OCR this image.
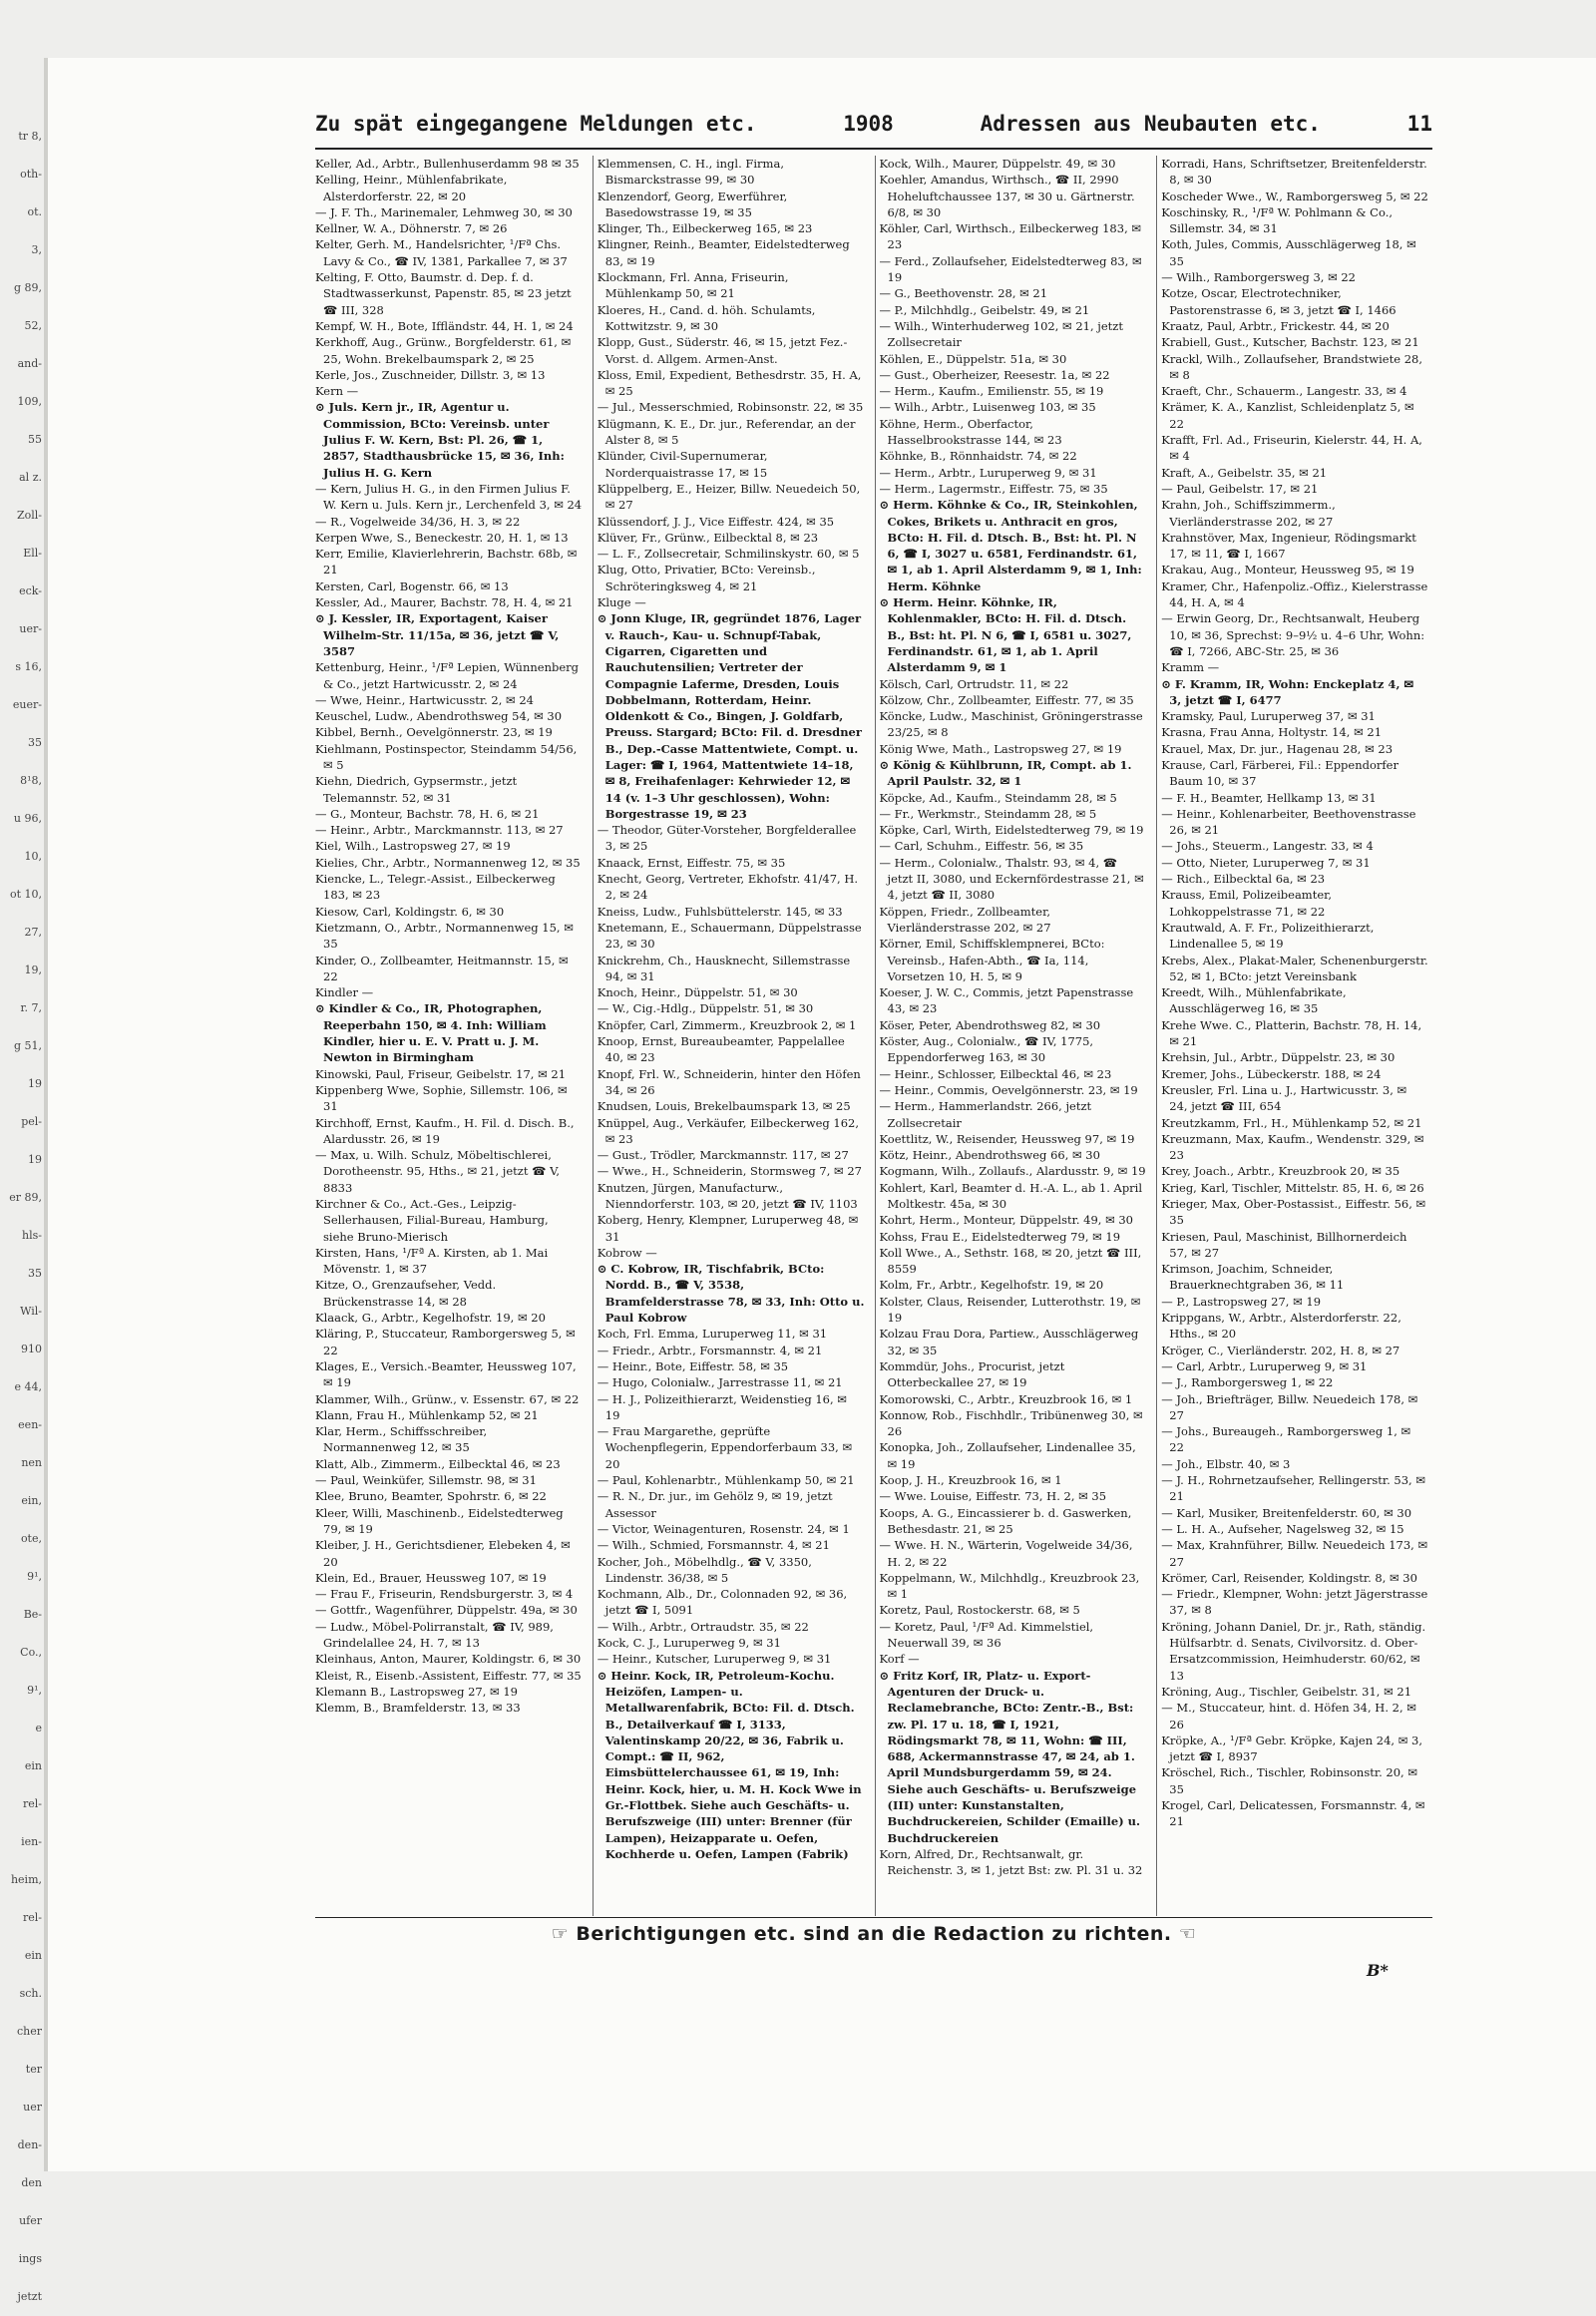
tr 8,
oth-
ot.
3,
g 89,
52,
and-
109,
55
al z.
Zoll-
Ell-
eck-
uer-
s 16,
euer-
35
8¹8,
u 96,
10,
ot 10,
27,
19,
r. 7,
g 51,
19
pel-
19
er 89,
hls-
35
Wil-
910
e 44,
een-
nen
ein,
ote,
9¹,
Be-
Co.,
9¹,
e
ein
rel-
ien-
heim,
rel-
ein
sch.
cher
ter
uer
den-
den
ufer
ings
jetzt
Zu spät eingegangene Meldungen etc.	1908	Adressen aus Neubauten etc.	11
Keller, Ad., Arbtr., Bullenhuserdamm 98 ✉ 35
Kelling, Heinr., Mühlenfabrikate, Alsterdorferstr. 22, ✉ 20
— J. F. Th., Marinemaler, Lehmweg 30, ✉ 30
Kellner, W. A., Döhnerstr. 7, ✉ 26
Kelter, Gerh. M., Handelsrichter, ¹/Fª Chs. Lavy & Co., ☎ IV, 1381, Parkallee 7, ✉ 37
Kelting, F. Otto, Baumstr. d. Dep. f. d. Stadtwasserkunst, Papenstr. 85, ✉ 23 jetzt ☎ III, 328
Kempf, W. H., Bote, Iffländstr. 44, H. 1, ✉ 24
Kerkhoff, Aug., Grünw., Borgfelderstr. 61, ✉ 25, Wohn. Brekelbaumspark 2, ✉ 25
Kerle, Jos., Zuschneider, Dillstr. 3, ✉ 13
Kern —
⊙ Juls. Kern jr., IR, Agentur u. Commission, BCto: Vereinsb. unter Julius F. W. Kern, Bst: Pl. 26, ☎ 1, 2857, Stadthausbrücke 15, ✉ 36, Inh: Julius H. G. Kern
— Kern, Julius H. G., in den Firmen Julius F. W. Kern u. Juls. Kern jr., Lerchenfeld 3, ✉ 24
— R., Vogelweide 34/36, H. 3, ✉ 22
Kerpen Wwe, S., Beneckestr. 20, H. 1, ✉ 13
Kerr, Emilie, Klavierlehrerin, Bachstr. 68b, ✉ 21
Kersten, Carl, Bogenstr. 66, ✉ 13
Kessler, Ad., Maurer, Bachstr. 78, H. 4, ✉ 21
⊙ J. Kessler, IR, Exportagent, Kaiser Wilhelm-Str. 11/15a, ✉ 36, jetzt ☎ V, 3587
Kettenburg, Heinr., ¹/Fª Lepien, Wünnenberg & Co., jetzt Hartwicusstr. 2, ✉ 24
— Wwe, Heinr., Hartwicusstr. 2, ✉ 24
Keuschel, Ludw., Abendrothsweg 54, ✉ 30
Kibbel, Bernh., Oevelgönnerstr. 23, ✉ 19
Kiehlmann, Postinspector, Steindamm 54/56, ✉ 5
Kiehn, Diedrich, Gypsermstr., jetzt Telemannstr. 52, ✉ 31
— G., Monteur, Bachstr. 78, H. 6, ✉ 21
— Heinr., Arbtr., Marckmannstr. 113, ✉ 27
Kiel, Wilh., Lastropsweg 27, ✉ 19
Kielies, Chr., Arbtr., Normannenweg 12, ✉ 35
Kiencke, L., Telegr.-Assist., Eilbeckerweg 183, ✉ 23
Kiesow, Carl, Koldingstr. 6, ✉ 30
Kietzmann, O., Arbtr., Normannenweg 15, ✉ 35
Kinder, O., Zollbeamter, Heitmannstr. 15, ✉ 22
Kindler —
⊙ Kindler & Co., IR, Photographen, Reeperbahn 150, ✉ 4. Inh: William Kindler, hier u. E. V. Pratt u. J. M. Newton in Birmingham
Kinowski, Paul, Friseur, Geibelstr. 17, ✉ 21
Kippenberg Wwe, Sophie, Sillemstr. 106, ✉ 31
Kirchhoff, Ernst, Kaufm., H. Fil. d. Disch. B., Alardusstr. 26, ✉ 19
— Max, u. Wilh. Schulz, Möbeltischlerei, Dorotheenstr. 95, Hths., ✉ 21, jetzt ☎ V, 8833
Kirchner & Co., Act.-Ges., Leipzig-Sellerhausen, Filial-Bureau, Hamburg, siehe Bruno-Mierisch
Kirsten, Hans, ¹/Fª A. Kirsten, ab 1. Mai Mövenstr. 1, ✉ 37
Kitze, O., Grenzaufseher, Vedd. Brückenstrasse 14, ✉ 28
Klaack, G., Arbtr., Kegelhofstr. 19, ✉ 20
Kläring, P., Stuccateur, Ramborgersweg 5, ✉ 22
Klages, E., Versich.-Beamter, Heussweg 107, ✉ 19
Klammer, Wilh., Grünw., v. Essenstr. 67, ✉ 22
Klann, Frau H., Mühlenkamp 52, ✉ 21
Klar, Herm., Schiffsschreiber, Normannenweg 12, ✉ 35
Klatt, Alb., Zimmerm., Eilbecktal 46, ✉ 23
— Paul, Weinküfer, Sillemstr. 98, ✉ 31
Klee, Bruno, Beamter, Spohrstr. 6, ✉ 22
Kleer, Willi, Maschinenb., Eidelstedterweg 79, ✉ 19
Kleiber, J. H., Gerichtsdiener, Elebeken 4, ✉ 20
Klein, Ed., Brauer, Heussweg 107, ✉ 19
— Frau F., Friseurin, Rendsburgerstr. 3, ✉ 4
— Gottfr., Wagenführer, Düppelstr. 49a, ✉ 30
— Ludw., Möbel-Polirranstalt, ☎ IV, 989, Grindelallee 24, H. 7, ✉ 13
Kleinhaus, Anton, Maurer, Koldingstr. 6, ✉ 30
Kleist, R., Eisenb.-Assistent, Eiffestr. 77, ✉ 35
Klemann B., Lastropsweg 27, ✉ 19
Klemm, B., Bramfelderstr. 13, ✉ 33
Klemmensen, C. H., ingl. Firma, Bismarckstrasse 99, ✉ 30
Klenzendorf, Georg, Ewerführer, Basedowstrasse 19, ✉ 35
Klinger, Th., Eilbeckerweg 165, ✉ 23
Klingner, Reinh., Beamter, Eidelstedterweg 83, ✉ 19
Klockmann, Frl. Anna, Friseurin, Mühlenkamp 50, ✉ 21
Kloeres, H., Cand. d. höh. Schulamts, Kottwitzstr. 9, ✉ 30
Klopp, Gust., Süderstr. 46, ✉ 15, jetzt Fez.-Vorst. d. Allgem. Armen-Anst.
Kloss, Emil, Expedient, Bethesdrstr. 35, H. A, ✉ 25
— Jul., Messerschmied, Robinsonstr. 22, ✉ 35
Klügmann, K. E., Dr. jur., Referendar, an der Alster 8, ✉ 5
Klünder, Civil-Supernumerar, Norderquaistrasse 17, ✉ 15
Klüppelberg, E., Heizer, Billw. Neuedeich 50, ✉ 27
Klüssendorf, J. J., Vice Eiffestr. 424, ✉ 35
Klüver, Fr., Grünw., Eilbecktal 8, ✉ 23
— L. F., Zollsecretair, Schmilinskystr. 60, ✉ 5
Klug, Otto, Privatier, BCto: Vereinsb., Schröteringksweg 4, ✉ 21
Kluge —
⊙ Jonn Kluge, IR, gegründet 1876, Lager v. Rauch-, Kau- u. Schnupf-Tabak, Cigarren, Cigaretten und Rauchutensilien; Vertreter der Compagnie Laferme, Dresden, Louis Dobbelmann, Rotterdam, Heinr. Oldenkott & Co., Bingen, J. Goldfarb, Preuss. Stargard; BCto: Fil. d. Dresdner B., Dep.-Casse Mattentwiete, Compt. u. Lager: ☎ I, 1964, Mattentwiete 14–18, ✉ 8, Freihafenlager: Kehrwieder 12, ✉ 14 (v. 1–3 Uhr geschlossen), Wohn: Borgestrasse 19, ✉ 23
— Theodor, Güter-Vorsteher, Borgfelderallee 3, ✉ 25
Knaack, Ernst, Eiffestr. 75, ✉ 35
Knecht, Georg, Vertreter, Ekhofstr. 41/47, H. 2, ✉ 24
Kneiss, Ludw., Fuhlsbüttelerstr. 145, ✉ 33
Knetemann, E., Schauermann, Düppelstrasse 23, ✉ 30
Knickrehm, Ch., Hausknecht, Sillemstrasse 94, ✉ 31
Knoch, Heinr., Düppelstr. 51, ✉ 30
— W., Cig.-Hdlg., Düppelstr. 51, ✉ 30
Knöpfer, Carl, Zimmerm., Kreuzbrook 2, ✉ 1
Knoop, Ernst, Bureaubeamter, Pappelallee 40, ✉ 23
Knopf, Frl. W., Schneiderin, hinter den Höfen 34, ✉ 26
Knudsen, Louis, Brekelbaumspark 13, ✉ 25
Knüppel, Aug., Verkäufer, Eilbeckerweg 162, ✉ 23
— Gust., Trödler, Marckmannstr. 117, ✉ 27
— Wwe., H., Schneiderin, Stormsweg 7, ✉ 27
Knutzen, Jürgen, Manufacturw., Nienndorferstr. 103, ✉ 20, jetzt ☎ IV, 1103
Koberg, Henry, Klempner, Luruperweg 48, ✉ 31
Kobrow —
⊙ C. Kobrow, IR, Tischfabrik, BCto: Nordd. B., ☎ V, 3538, Bramfelderstrasse 78, ✉ 33, Inh: Otto u. Paul Kobrow
Koch, Frl. Emma, Luruperweg 11, ✉ 31
— Friedr., Arbtr., Forsmannstr. 4, ✉ 21
— Heinr., Bote, Eiffestr. 58, ✉ 35
— Hugo, Colonialw., Jarrestrasse 11, ✉ 21
— H. J., Polizeithierarzt, Weidenstieg 16, ✉ 19
— Frau Margarethe, geprüfte Wochenpflegerin, Eppendorferbaum 33, ✉ 20
— Paul, Kohlenarbtr., Mühlenkamp 50, ✉ 21
— R. N., Dr. jur., im Gehölz 9, ✉ 19, jetzt Assessor
— Victor, Weinagenturen, Rosenstr. 24, ✉ 1
— Wilh., Schmied, Forsmannstr. 4, ✉ 21
Kocher, Joh., Möbelhdlg., ☎ V, 3350, Lindenstr. 36/38, ✉ 5
Kochmann, Alb., Dr., Colonnaden 92, ✉ 36, jetzt ☎ I, 5091
— Wilh., Arbtr., Ortraudstr. 35, ✉ 22
Kock, C. J., Luruperweg 9, ✉ 31
— Heinr., Kutscher, Luruperweg 9, ✉ 31
⊙ Heinr. Kock, IR, Petroleum-Kochu. Heizöfen, Lampen- u. Metallwarenfabrik, BCto: Fil. d. Dtsch. B., Detailverkauf ☎ I, 3133, Valentinskamp 20/22, ✉ 36, Fabrik u. Compt.: ☎ II, 962, Eimsbüttelerchaussee 61, ✉ 19, Inh: Heinr. Kock, hier, u. M. H. Kock Wwe in Gr.-Flottbek. Siehe auch Geschäfts- u. Berufszweige (III) unter: Brenner (für Lampen), Heizapparate u. Oefen, Kochherde u. Oefen, Lampen (Fabrik)
Kock, Wilh., Maurer, Düppelstr. 49, ✉ 30
Koehler, Amandus, Wirthsch., ☎ II, 2990 Hoheluftchaussee 137, ✉ 30 u. Gärtnerstr. 6/8, ✉ 30
Köhler, Carl, Wirthsch., Eilbeckerweg 183, ✉ 23
— Ferd., Zollaufseher, Eidelstedterweg 83, ✉ 19
— G., Beethovenstr. 28, ✉ 21
— P., Milchhdlg., Geibelstr. 49, ✉ 21
— Wilh., Winterhuderweg 102, ✉ 21, jetzt Zollsecretair
Köhlen, E., Düppelstr. 51a, ✉ 30
— Gust., Oberheizer, Reesestr. 1a, ✉ 22
— Herm., Kaufm., Emilienstr. 55, ✉ 19
— Wilh., Arbtr., Luisenweg 103, ✉ 35
Köhne, Herm., Oberfactor, Hasselbrookstrasse 144, ✉ 23
Köhnke, B., Rönnhaidstr. 74, ✉ 22
— Herm., Arbtr., Luruperweg 9, ✉ 31
— Herm., Lagermstr., Eiffestr. 75, ✉ 35
⊙ Herm. Köhnke & Co., IR, Steinkohlen, Cokes, Brikets u. Anthracit en gros, BCto: H. Fil. d. Dtsch. B., Bst: ht. Pl. N 6, ☎ I, 3027 u. 6581, Ferdinandstr. 61, ✉ 1, ab 1. April Alsterdamm 9, ✉ 1, Inh: Herm. Köhnke
⊙ Herm. Heinr. Köhnke, IR, Kohlenmakler, BCto: H. Fil. d. Dtsch. B., Bst: ht. Pl. N 6, ☎ I, 6581 u. 3027, Ferdinandstr. 61, ✉ 1, ab 1. April Alsterdamm 9, ✉ 1
Kölsch, Carl, Ortrudstr. 11, ✉ 22
Kölzow, Chr., Zollbeamter, Eiffestr. 77, ✉ 35
Köncke, Ludw., Maschinist, Gröningerstrasse 23/25, ✉ 8
König Wwe, Math., Lastropsweg 27, ✉ 19
⊙ König & Kühlbrunn, IR, Compt. ab 1. April Paulstr. 32, ✉ 1
Köpcke, Ad., Kaufm., Steindamm 28, ✉ 5
— Fr., Werkmstr., Steindamm 28, ✉ 5
Köpke, Carl, Wirth, Eidelstedterweg 79, ✉ 19
— Carl, Schuhm., Eiffestr. 56, ✉ 35
— Herm., Colonialw., Thalstr. 93, ✉ 4, ☎ jetzt II, 3080, und Eckernfördestrasse 21, ✉ 4, jetzt ☎ II, 3080
Köppen, Friedr., Zollbeamter, Vierländerstrasse 202, ✉ 27
Körner, Emil, Schiffsklempnerei, BCto: Vereinsb., Hafen-Abth., ☎ Ia, 114, Vorsetzen 10, H. 5, ✉ 9
Koeser, J. W. C., Commis, jetzt Papenstrasse 43, ✉ 23
Köser, Peter, Abendrothsweg 82, ✉ 30
Köster, Aug., Colonialw., ☎ IV, 1775, Eppendorferweg 163, ✉ 30
— Heinr., Schlosser, Eilbecktal 46, ✉ 23
— Heinr., Commis, Oevelgönnerstr. 23, ✉ 19
— Herm., Hammerlandstr. 266, jetzt Zollsecretair
Koettlitz, W., Reisender, Heussweg 97, ✉ 19
Kötz, Heinr., Abendrothsweg 66, ✉ 30
Kogmann, Wilh., Zollaufs., Alardusstr. 9, ✉ 19
Kohlert, Karl, Beamter d. H.-A. L., ab 1. April Moltkestr. 45a, ✉ 30
Kohrt, Herm., Monteur, Düppelstr. 49, ✉ 30
Kohss, Frau E., Eidelstedterweg 79, ✉ 19
Koll Wwe., A., Sethstr. 168, ✉ 20, jetzt ☎ III, 8559
Kolm, Fr., Arbtr., Kegelhofstr. 19, ✉ 20
Kolster, Claus, Reisender, Lutterothstr. 19, ✉ 19
Kolzau Frau Dora, Partiew., Ausschlägerweg 32, ✉ 35
Kommdür, Johs., Procurist, jetzt Otterbeckallee 27, ✉ 19
Komorowski, C., Arbtr., Kreuzbrook 16, ✉ 1
Konnow, Rob., Fischhdlr., Tribünenweg 30, ✉ 26
Konopka, Joh., Zollaufseher, Lindenallee 35, ✉ 19
Koop, J. H., Kreuzbrook 16, ✉ 1
— Wwe. Louise, Eiffestr. 73, H. 2, ✉ 35
Koops, A. G., Eincassierer b. d. Gaswerken, Bethesdastr. 21, ✉ 25
— Wwe. H. N., Wärterin, Vogelweide 34/36, H. 2, ✉ 22
Koppelmann, W., Milchhdlg., Kreuzbrook 23, ✉ 1
Koretz, Paul, Rostockerstr. 68, ✉ 5
— Koretz, Paul, ¹/Fª Ad. Kimmelstiel, Neuerwall 39, ✉ 36
Korf —
⊙ Fritz Korf, IR, Platz- u. Export-Agenturen der Druck- u. Reclamebranche, BCto: Zentr.-B., Bst: zw. Pl. 17 u. 18, ☎ I, 1921, Rödingsmarkt 78, ✉ 11, Wohn: ☎ III, 688, Ackermannstrasse 47, ✉ 24, ab 1. April Mundsburgerdamm 59, ✉ 24. Siehe auch Geschäfts- u. Berufszweige (III) unter: Kunstanstalten, Buchdruckereien, Schilder (Emaille) u. Buchdruckereien
Korn, Alfred, Dr., Rechtsanwalt, gr. Reichenstr. 3, ✉ 1, jetzt Bst: zw. Pl. 31 u. 32
Korradi, Hans, Schriftsetzer, Breitenfelderstr. 8, ✉ 30
Koscheder Wwe., W., Ramborgersweg 5, ✉ 22
Koschinsky, R., ¹/Fª W. Pohlmann & Co., Sillemstr. 34, ✉ 31
Koth, Jules, Commis, Ausschlägerweg 18, ✉ 35
— Wilh., Ramborgersweg 3, ✉ 22
Kotze, Oscar, Electrotechniker, Pastorenstrasse 6, ✉ 3, jetzt ☎ I, 1466
Kraatz, Paul, Arbtr., Frickestr. 44, ✉ 20
Krabiell, Gust., Kutscher, Bachstr. 123, ✉ 21
Krackl, Wilh., Zollaufseher, Brandstwiete 28, ✉ 8
Kraeft, Chr., Schauerm., Langestr. 33, ✉ 4
Krämer, K. A., Kanzlist, Schleidenplatz 5, ✉ 22
Krafft, Frl. Ad., Friseurin, Kielerstr. 44, H. A, ✉ 4
Kraft, A., Geibelstr. 35, ✉ 21
— Paul, Geibelstr. 17, ✉ 21
Krahn, Joh., Schiffszimmerm., Vierländerstrasse 202, ✉ 27
Krahnstöver, Max, Ingenieur, Rödingsmarkt 17, ✉ 11, ☎ I, 1667
Krakau, Aug., Monteur, Heussweg 95, ✉ 19
Kramer, Chr., Hafenpoliz.-Offiz., Kielerstrasse 44, H. A, ✉ 4
— Erwin Georg, Dr., Rechtsanwalt, Heuberg 10, ✉ 36, Sprechst: 9–9½ u. 4–6 Uhr, Wohn: ☎ I, 7266, ABC-Str. 25, ✉ 36
Kramm —
⊙ F. Kramm, IR, Wohn: Enckeplatz 4, ✉ 3, jetzt ☎ I, 6477
Kramsky, Paul, Luruperweg 37, ✉ 31
Krasna, Frau Anna, Holtystr. 14, ✉ 21
Krauel, Max, Dr. jur., Hagenau 28, ✉ 23
Krause, Carl, Färberei, Fil.: Eppendorfer Baum 10, ✉ 37
— F. H., Beamter, Hellkamp 13, ✉ 31
— Heinr., Kohlenarbeiter, Beethovenstrasse 26, ✉ 21
— Johs., Steuerm., Langestr. 33, ✉ 4
— Otto, Nieter, Luruperweg 7, ✉ 31
— Rich., Eilbecktal 6a, ✉ 23
Krauss, Emil, Polizeibeamter, Lohkoppelstrasse 71, ✉ 22
Krautwald, A. F. Fr., Polizeithierarzt, Lindenallee 5, ✉ 19
Krebs, Alex., Plakat-Maler, Schenenburgerstr. 52, ✉ 1, BCto: jetzt Vereinsbank
Kreedt, Wilh., Mühlenfabrikate, Ausschlägerweg 16, ✉ 35
Krehe Wwe. C., Platterin, Bachstr. 78, H. 14, ✉ 21
Krehsin, Jul., Arbtr., Düppelstr. 23, ✉ 30
Kremer, Johs., Lübeckerstr. 188, ✉ 24
Kreusler, Frl. Lina u. J., Hartwicusstr. 3, ✉ 24, jetzt ☎ III, 654
Kreutzkamm, Frl., H., Mühlenkamp 52, ✉ 21
Kreuzmann, Max, Kaufm., Wendenstr. 329, ✉ 23
Krey, Joach., Arbtr., Kreuzbrook 20, ✉ 35
Krieg, Karl, Tischler, Mittelstr. 85, H. 6, ✉ 26
Krieger, Max, Ober-Postassist., Eiffestr. 56, ✉ 35
Kriesen, Paul, Maschinist, Billhornerdeich 57, ✉ 27
Krimson, Joachim, Schneider, Brauerknechtgraben 36, ✉ 11
— P., Lastropsweg 27, ✉ 19
Krippgans, W., Arbtr., Alsterdorferstr. 22, Hths., ✉ 20
Kröger, C., Vierländerstr. 202, H. 8, ✉ 27
— Carl, Arbtr., Luruperweg 9, ✉ 31
— J., Ramborgersweg 1, ✉ 22
— Joh., Briefträger, Billw. Neuedeich 178, ✉ 27
— Johs., Bureaugeh., Ramborgersweg 1, ✉ 22
— Joh., Elbstr. 40, ✉ 3
— J. H., Rohrnetzaufseher, Rellingerstr. 53, ✉ 21
— Karl, Musiker, Breitenfelderstr. 60, ✉ 30
— L. H. A., Aufseher, Nagelsweg 32, ✉ 15
— Max, Krahnführer, Billw. Neuedeich 173, ✉ 27
Krömer, Carl, Reisender, Koldingstr. 8, ✉ 30
— Friedr., Klempner, Wohn: jetzt Jägerstrasse 37, ✉ 8
Kröning, Johann Daniel, Dr. jr., Rath, ständig. Hülfsarbtr. d. Senats, Civilvorsitz. d. Ober-Ersatzcommission, Heimhuderstr. 60/62, ✉ 13
Kröning, Aug., Tischler, Geibelstr. 31, ✉ 21
— M., Stuccateur, hint. d. Höfen 34, H. 2, ✉ 26
Kröpke, A., ¹/Fª Gebr. Kröpke, Kajen 24, ✉ 3, jetzt ☎ I, 8937
Kröschel, Rich., Tischler, Robinsonstr. 20, ✉ 35
Krogel, Carl, Delicatessen, Forsmannstr. 4, ✉ 21
☞ Berichtigungen etc. sind an die Redaction zu richten. ☜
B*
